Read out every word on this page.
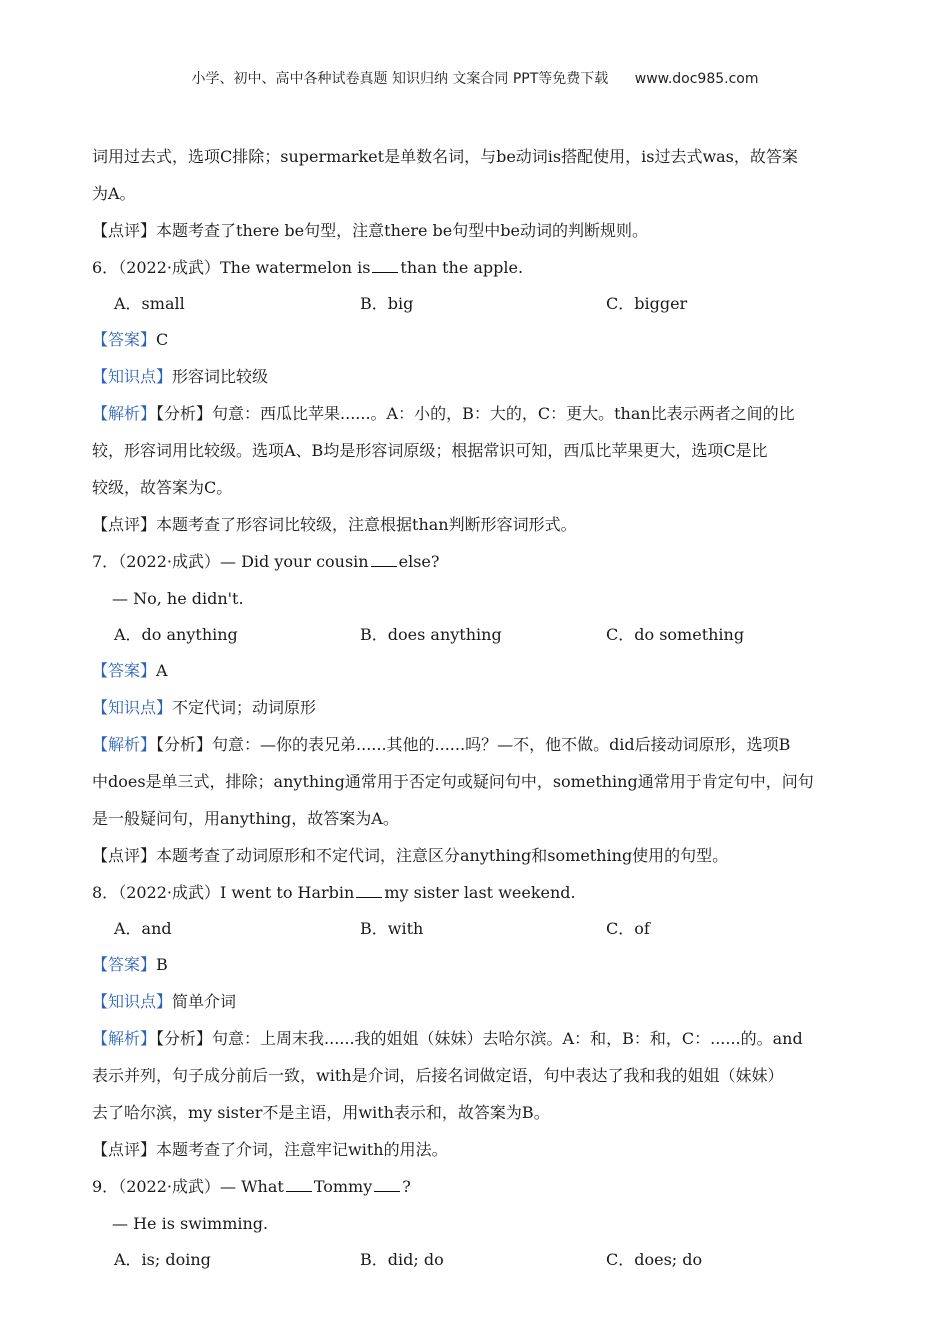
小学、初中、高中各种试卷真题 知识归纳 文案合同 PPT等免费下载 www.doc985.com
词用过去式，选项C排除；supermarket是单数名词，与be动词is搭配使用，is过去式was，故答案
为A。
【点评】本题考查了there be句型，注意there be句型中be动词的判断规则。
6．（2022·成武）The watermelon is than the apple.
A．small	B．big	C．bigger
【答案】C
【知识点】形容词比较级
【解析】【分析】句意：西瓜比苹果......。A：小的，B：大的，C：更大。than比表示两者之间的比
较，形容词用比较级。选项A、B均是形容词原级；根据常识可知，西瓜比苹果更大，选项C是比
较级，故答案为C。
【点评】本题考查了形容词比较级，注意根据than判断形容词形式。
7．（2022·成武）— Did your cousin else?
— No, he didn't.
A．do anything	B．does anything	C．do something
【答案】A
【知识点】不定代词；动词原形
【解析】【分析】句意：—你的表兄弟......其他的......吗？—不，他不做。did后接动词原形，选项B
中does是单三式，排除；anything通常用于否定句或疑问句中，something通常用于肯定句中，问句
是一般疑问句，用anything，故答案为A。
【点评】本题考查了动词原形和不定代词，注意区分anything和something使用的句型。
8．（2022·成武）I went to Harbin my sister last weekend.
A．and	B．with	C．of
【答案】B
【知识点】简单介词
【解析】【分析】句意：上周末我......我的姐姐（妹妹）去哈尔滨。A：和，B：和，C：......的。and
表示并列，句子成分前后一致，with是介词，后接名词做定语，句中表达了我和我的姐姐（妹妹）
去了哈尔滨，my sister不是主语，用with表示和，故答案为B。
【点评】本题考查了介词，注意牢记with的用法。
9．（2022·成武）— What Tommy ?
— He is swimming.
A．is; doing	B．did; do	C．does; do
